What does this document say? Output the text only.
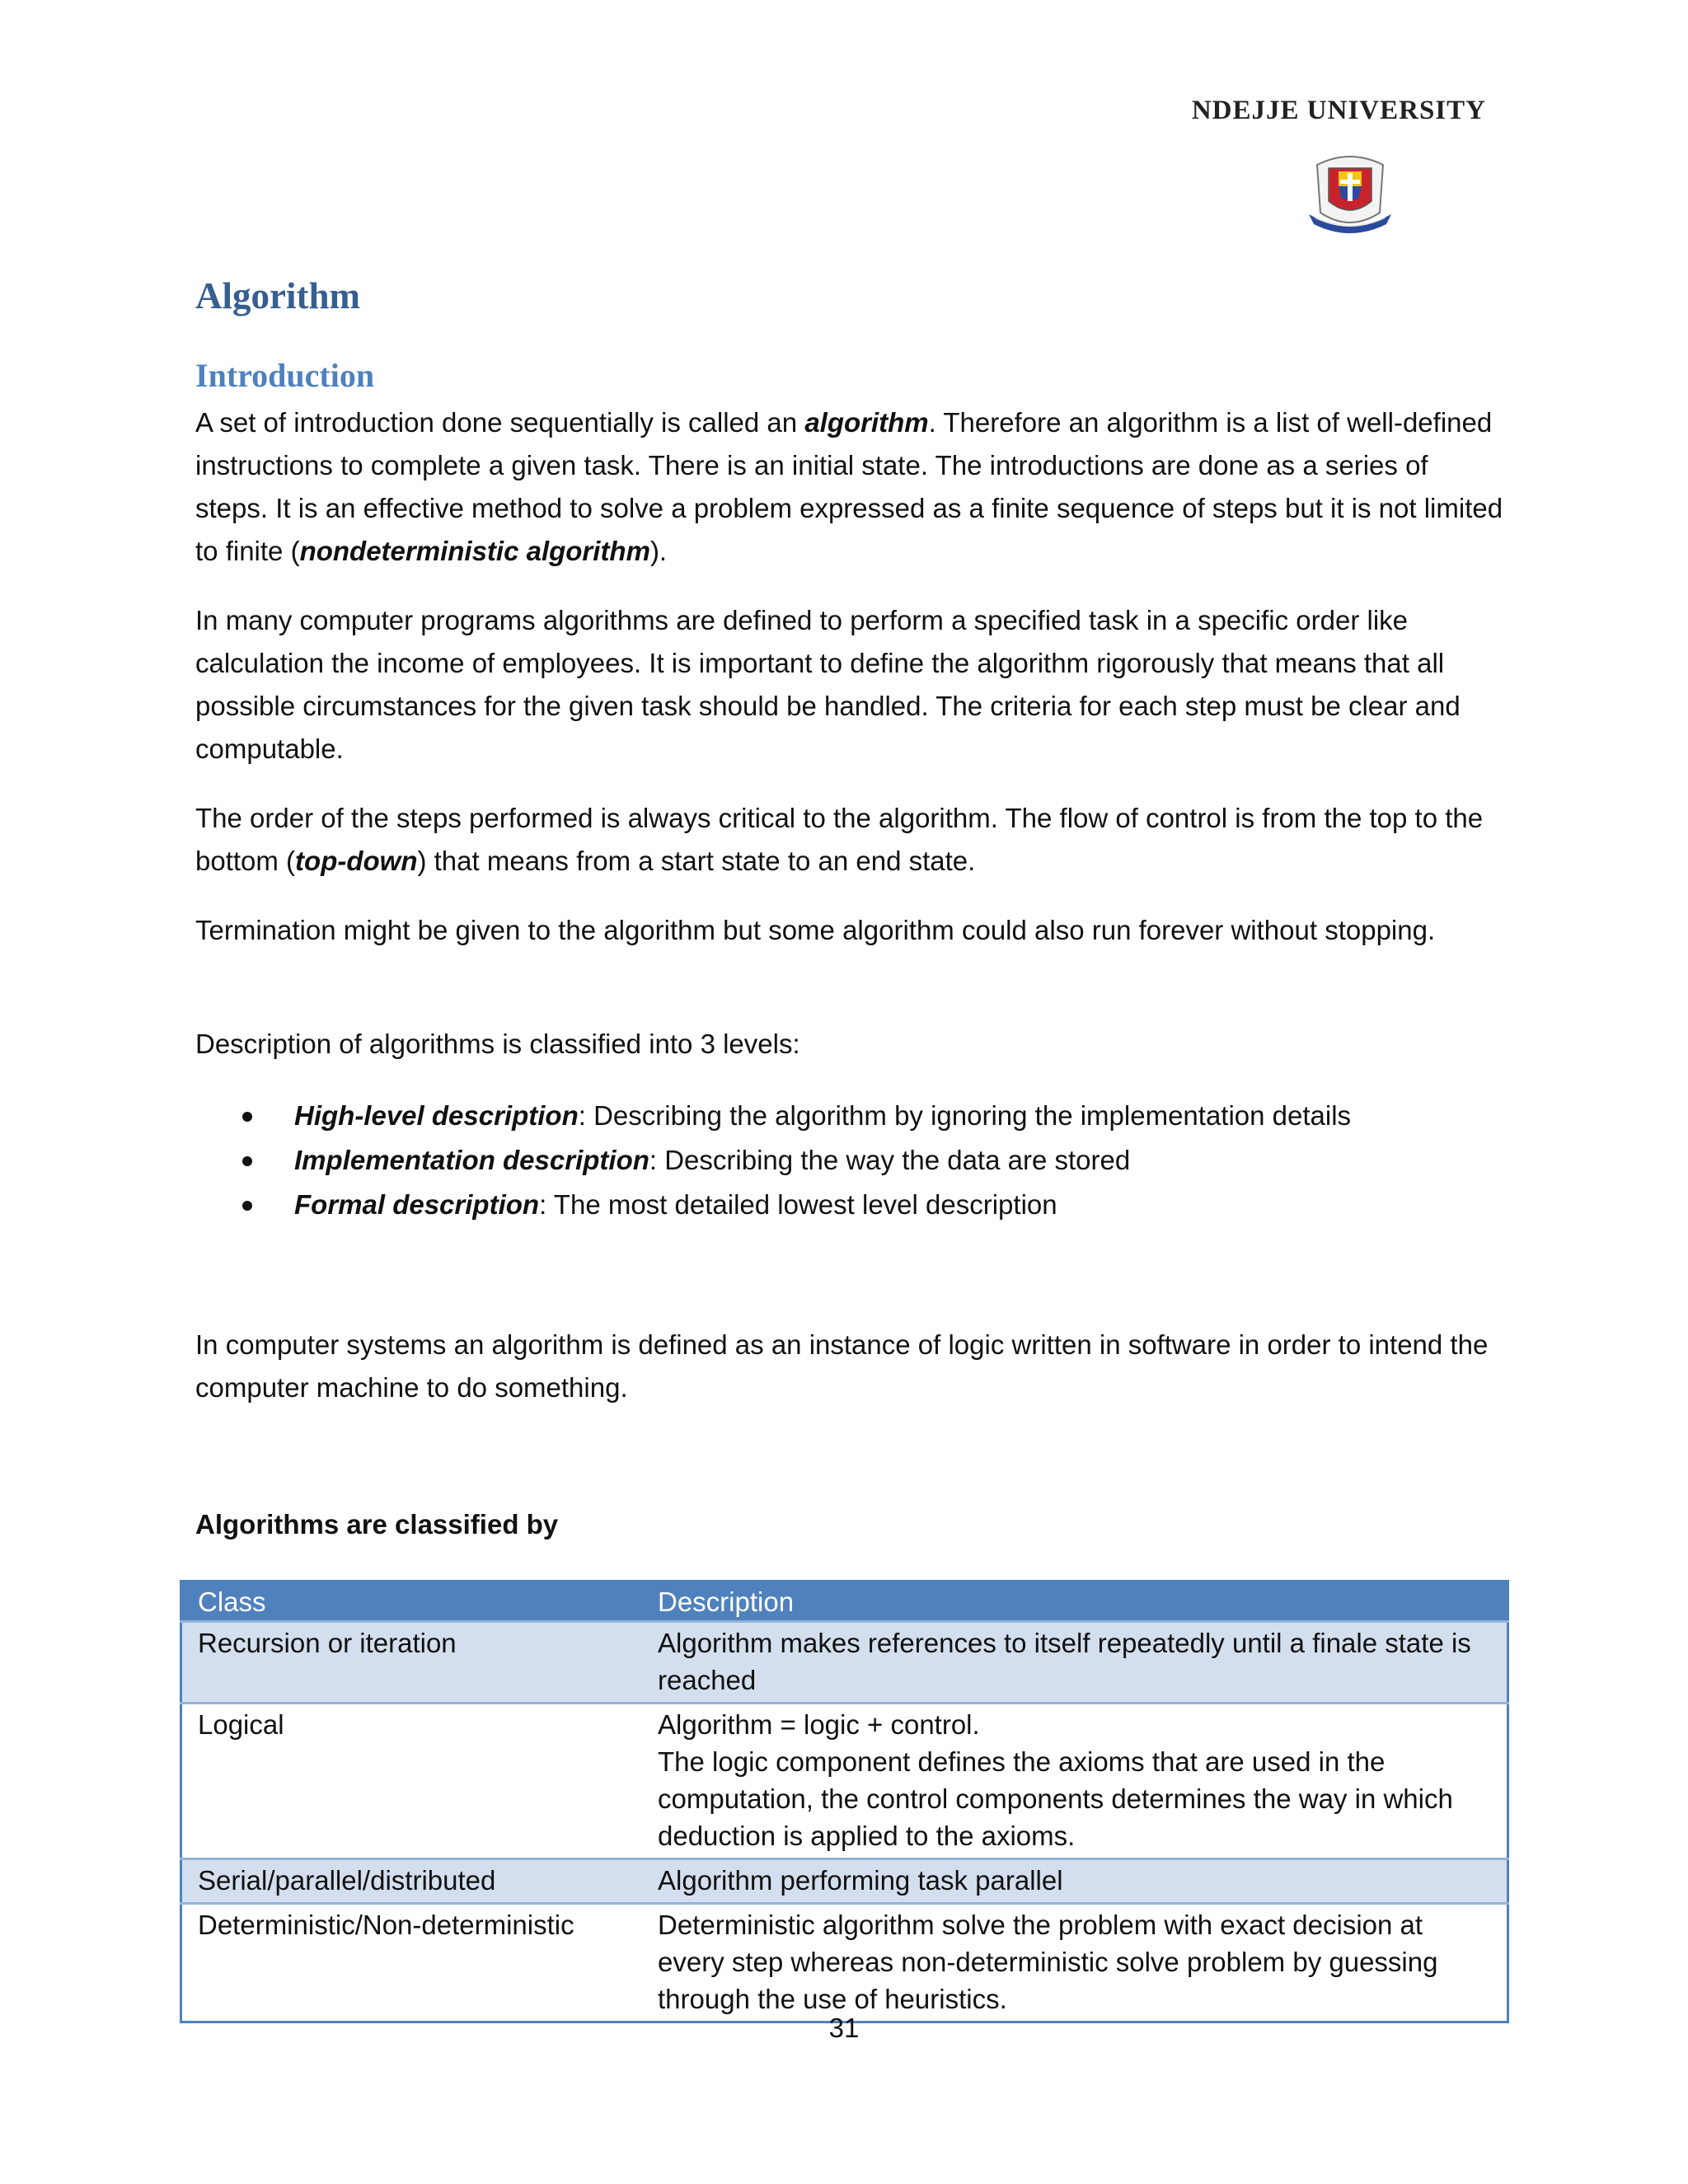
NDEJJE UNIVERSITY
Algorithm
Introduction

A set of introduction done sequentially is called an algorithm. Therefore an algorithm is a list of well-defined instructions to complete a given task. There is an initial state. The introductions are done as a series of steps. It is an effective method to solve a problem expressed as a finite sequence of steps but it is not limited to finite (nondeterministic algorithm).

In many computer programs algorithms are defined to perform a specified task in a specific order like calculation the income of employees. It is important to define the algorithm rigorously that means that all possible circumstances for the given task should be handled. The criteria for each step must be clear and computable.

The order of the steps performed is always critical to the algorithm. The flow of control is from the top to the bottom (top-down) that means from a start state to an end state.

Termination might be given to the algorithm but some algorithm could also run forever without stopping.

Description of algorithms is classified into 3 levels:

High-level description: Describing the algorithm by ignoring the implementation details
Implementation description: Describing the way the data are stored
Formal description: The most detailed lowest level description

In computer systems an algorithm is defined as an instance of logic written in software in order to intend the computer machine to do something.

Algorithms are classified by
Class	Description
Recursion or iteration	Algorithm makes references to itself repeatedly until a finale state is reached

Logical	Algorithm = logic + control.
The logic component defines the axioms that are used in the computation, the control components determines the way in which deduction is applied to the axioms.

Serial/parallel/distributed	Algorithm performing task parallel

Deterministic/Non-deterministic	Deterministic algorithm solve the problem with exact decision at every step whereas non-deterministic solve problem by guessing through the use of heuristics.
31
